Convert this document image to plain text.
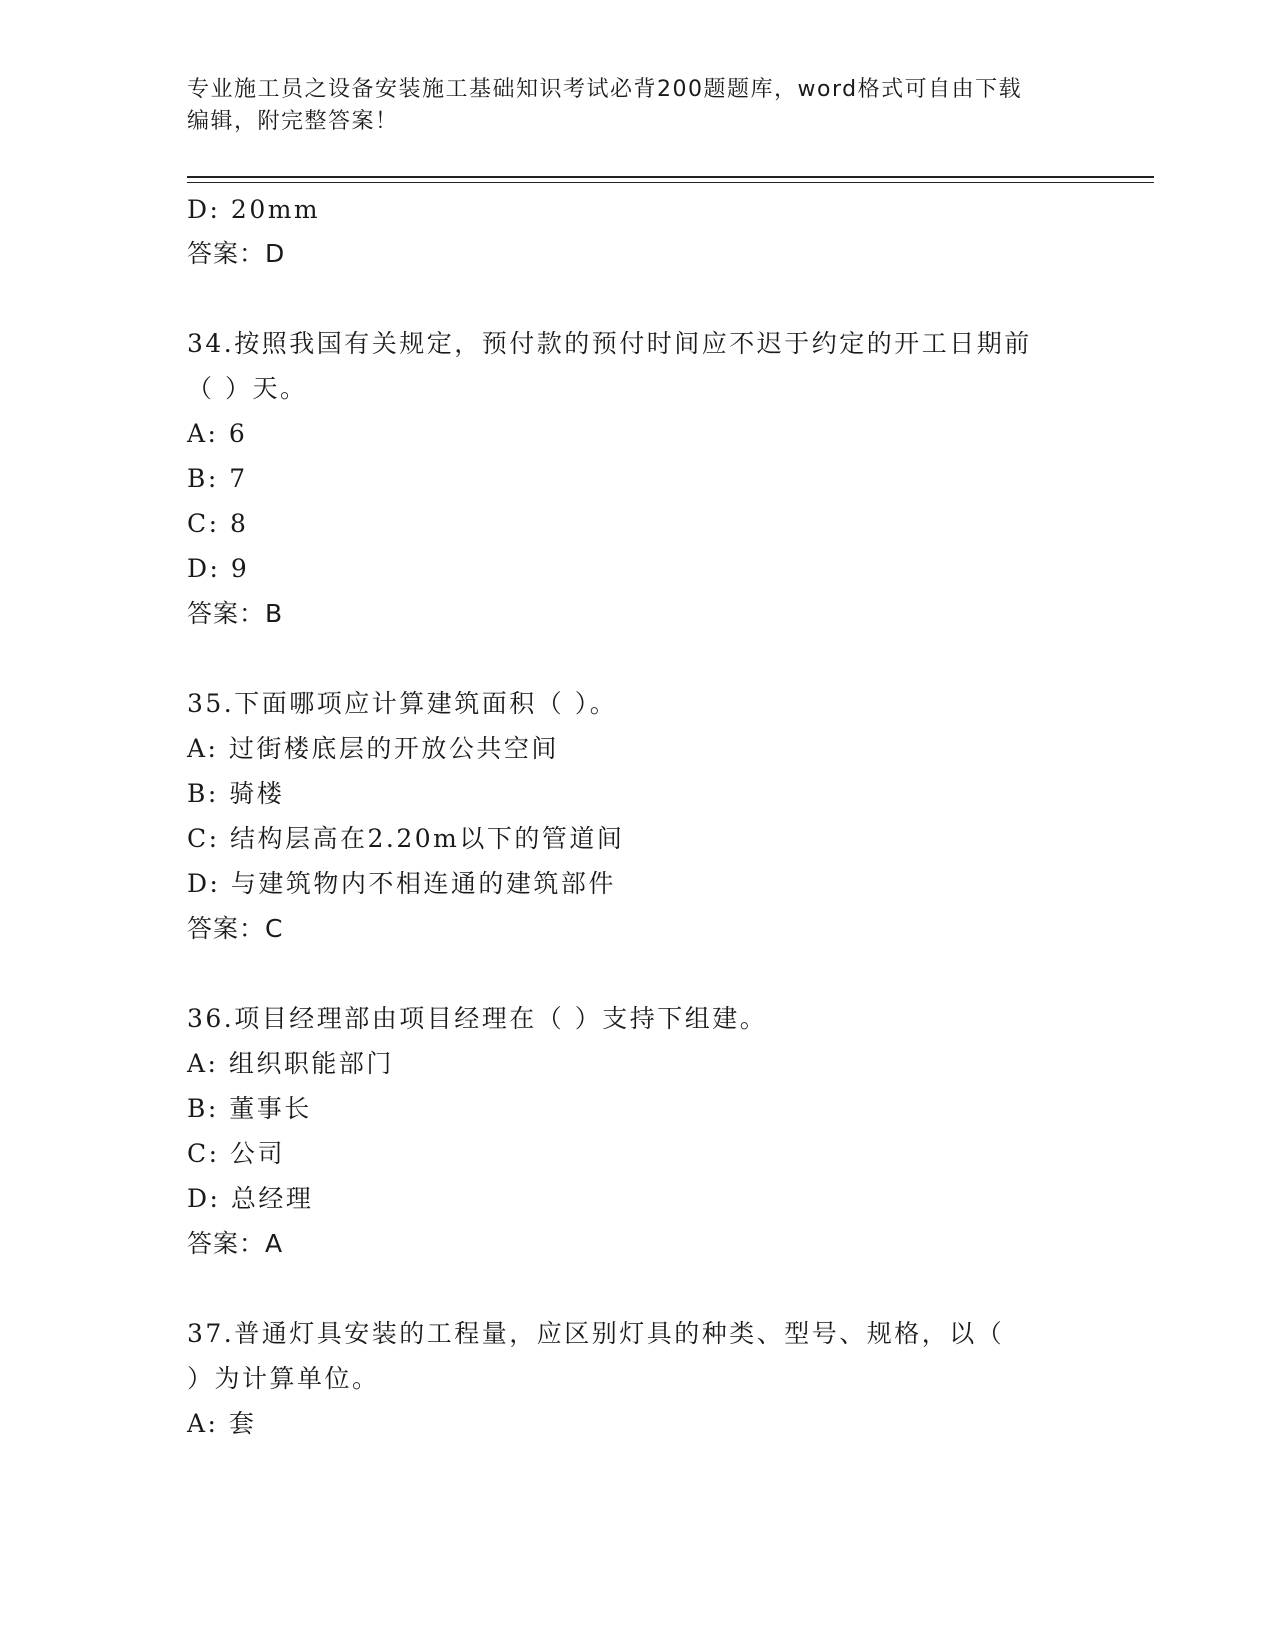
专业施工员之设备安装施工基础知识考试必背200题题库，word格式可自由下载
编辑，附完整答案！
D: 20mm
答案：D
34.按照我国有关规定，预付款的预付时间应不迟于约定的开工日期前
（ ）天。
A: 6
B: 7
C: 8
D: 9
答案：B
35.下面哪项应计算建筑面积（ ）。
A: 过街楼底层的开放公共空间
B: 骑楼
C: 结构层高在2.20m以下的管道间
D: 与建筑物内不相连通的建筑部件
答案：C
36.项目经理部由项目经理在（ ）支持下组建。
A: 组织职能部门
B: 董事长
C: 公司
D: 总经理
答案：A
37.普通灯具安装的工程量，应区别灯具的种类、型号、规格，以（
）为计算单位。
A: 套
